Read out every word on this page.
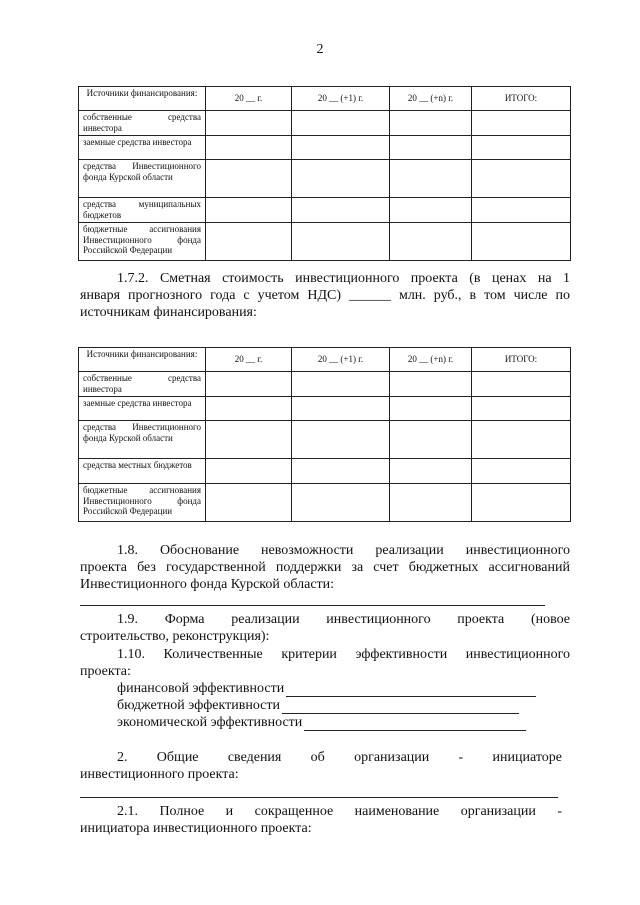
2
Источники финансирования:	20 __ г.	20 __ (+1) г.	20 __ (+n) г.	ИТОГО:
собственные средства инвестора				
заемные средства инвестора				
средства Инвестиционного фонда Курской области				
средства муниципальных бюджетов				
бюджетные ассигнования Инвестиционного фонда Российской Федерации				
1.7.2. Сметная стоимость инвестиционного проекта (в ценах на 1
января прогнозного года с учетом НДС) ______ млн. руб., в том числе по
источникам финансирования:
Источники финансирования:	20 __ г.	20 __ (+1) г.	20 __ (+n) г.	ИТОГО:
собственные средства инвестора				
заемные средства инвестора				
средства Инвестиционного фонда Курской области				
средства местных бюджетов				
бюджетные ассигнования Инвестиционного фонда Российской Федерации				
1.8. Обоснование невозможности реализации инвестиционного
проекта без государственной поддержки за счет бюджетных ассигнований
Инвестиционного фонда Курской области:
1.9. Форма реализации инвестиционного проекта (новое
строительство, реконструкция):
1.10. Количественные критерии эффективности инвестиционного
проекта:
финансовой эффективности
бюджетной эффективности
экономической эффективности
2. Общие сведения об организации - инициаторе
инвестиционного проекта:
2.1. Полное и сокращенное наименование организации -
инициатора инвестиционного проекта:
